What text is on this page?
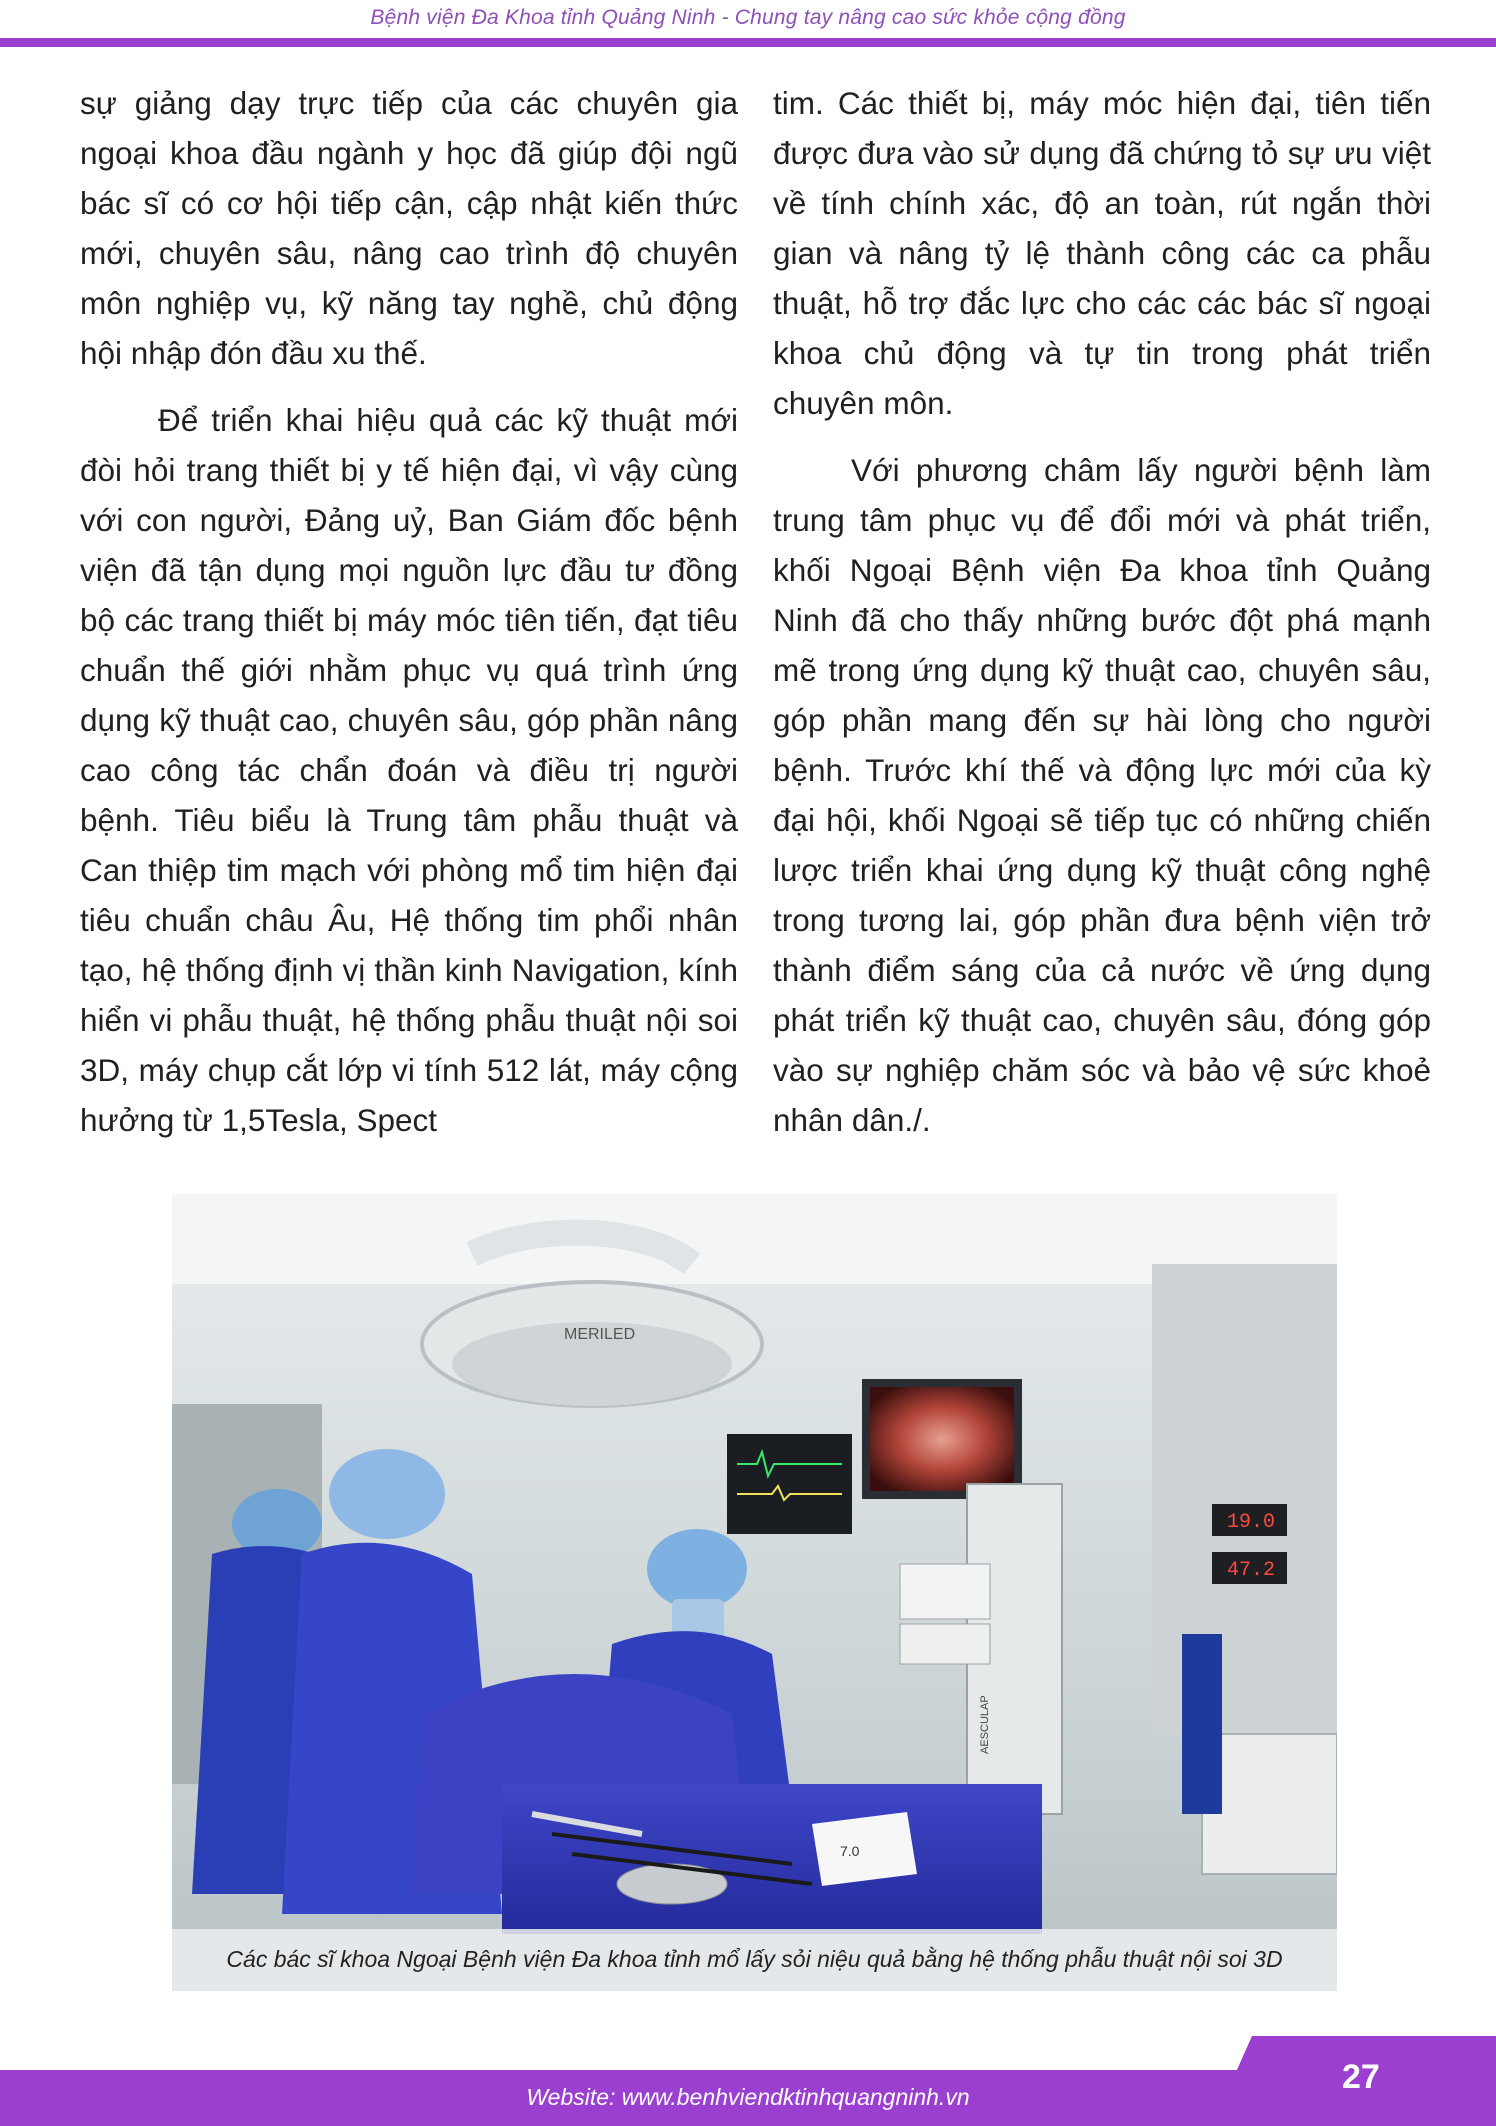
Bệnh viện Đa Khoa tỉnh Quảng Ninh - Chung tay nâng cao sức khỏe cộng đồng

sự giảng dạy trực tiếp của các chuyên gia ngoại khoa đầu ngành y học đã giúp đội ngũ bác sĩ có cơ hội tiếp cận, cập nhật kiến thức mới, chuyên sâu, nâng cao trình độ chuyên môn nghiệp vụ, kỹ năng tay nghề, chủ động hội nhập đón đầu xu thế.

Để triển khai hiệu quả các kỹ thuật mới đòi hỏi trang thiết bị y tế hiện đại, vì vậy cùng với con người, Đảng uỷ, Ban Giám đốc bệnh viện đã tận dụng mọi nguồn lực đầu tư đồng bộ các trang thiết bị máy móc tiên tiến, đạt tiêu chuẩn thế giới nhằm phục vụ quá trình ứng dụng kỹ thuật cao, chuyên sâu, góp phần nâng cao công tác chẩn đoán và điều trị người bệnh. Tiêu biểu là Trung tâm phẫu thuật và Can thiệp tim mạch với phòng mổ tim hiện đại tiêu chuẩn châu Âu, Hệ thống tim phổi nhân tạo, hệ thống định vị thần kinh Navigation, kính hiển vi phẫu thuật, hệ thống phẫu thuật nội soi 3D, máy chụp cắt lớp vi tính 512 lát, máy cộng hưởng từ 1,5Tesla, Spect

tim. Các thiết bị, máy móc hiện đại, tiên tiến được đưa vào sử dụng đã chứng tỏ sự ưu việt về tính chính xác, độ an toàn, rút ngắn thời gian và nâng tỷ lệ thành công các ca phẫu thuật, hỗ trợ đắc lực cho các các bác sĩ ngoại khoa chủ động và tự tin trong phát triển chuyên môn.

Với phương châm lấy người bệnh làm trung tâm phục vụ để đổi mới và phát triển, khối Ngoại Bệnh viện Đa khoa tỉnh Quảng Ninh đã cho thấy những bước đột phá mạnh mẽ trong ứng dụng kỹ thuật cao, chuyên sâu, góp phần mang đến sự hài lòng cho người bệnh. Trước khí thế và động lực mới của kỳ đại hội, khối Ngoại sẽ tiếp tục có những chiến lược triển khai ứng dụng kỹ thuật công nghệ trong tương lai, góp phần đưa bệnh viện trở thành điểm sáng của cả nước về ứng dụng phát triển kỹ thuật cao, chuyên sâu, đóng góp vào sự nghiệp chăm sóc và bảo vệ sức khoẻ nhân dân./.

MERILED
AESCULAP
19.0
47.2
7.0
Các bác sĩ khoa Ngoại Bệnh viện Đa khoa tỉnh mổ lấy sỏi niệu quả bằng hệ thống phẫu thuật nội soi 3D
Website: www.benhviendktinhquangninh.vn
27
